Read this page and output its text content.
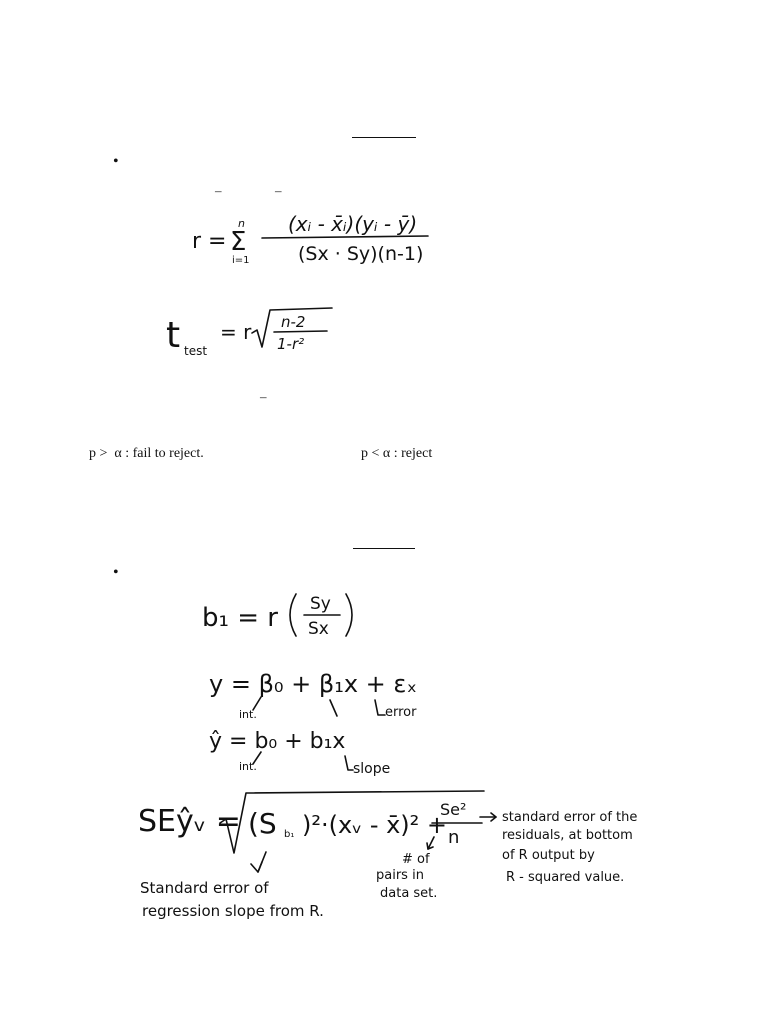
•
–	–
r = Σ
n
i=1
(xᵢ - x̄ᵢ)(yᵢ - ȳ)
(Sx · Sy)(n-1)
t test
= r n-2
1-r²
–
p >  α : fail to reject.	p < α : reject
•
b₁ = r Sy
Sx
y = β₀ + β₁x + εₓ
int.	error
ŷ = b₀ + b₁x
int.	slope
SEŷᵥ = (S b₁ )²·(xᵥ - x̄)² +
Se²
n
standard error of the
residuals, at bottom
of R output by
R - squared value.
# of
pairs in
data set.
Standard error of
regression slope from R.
